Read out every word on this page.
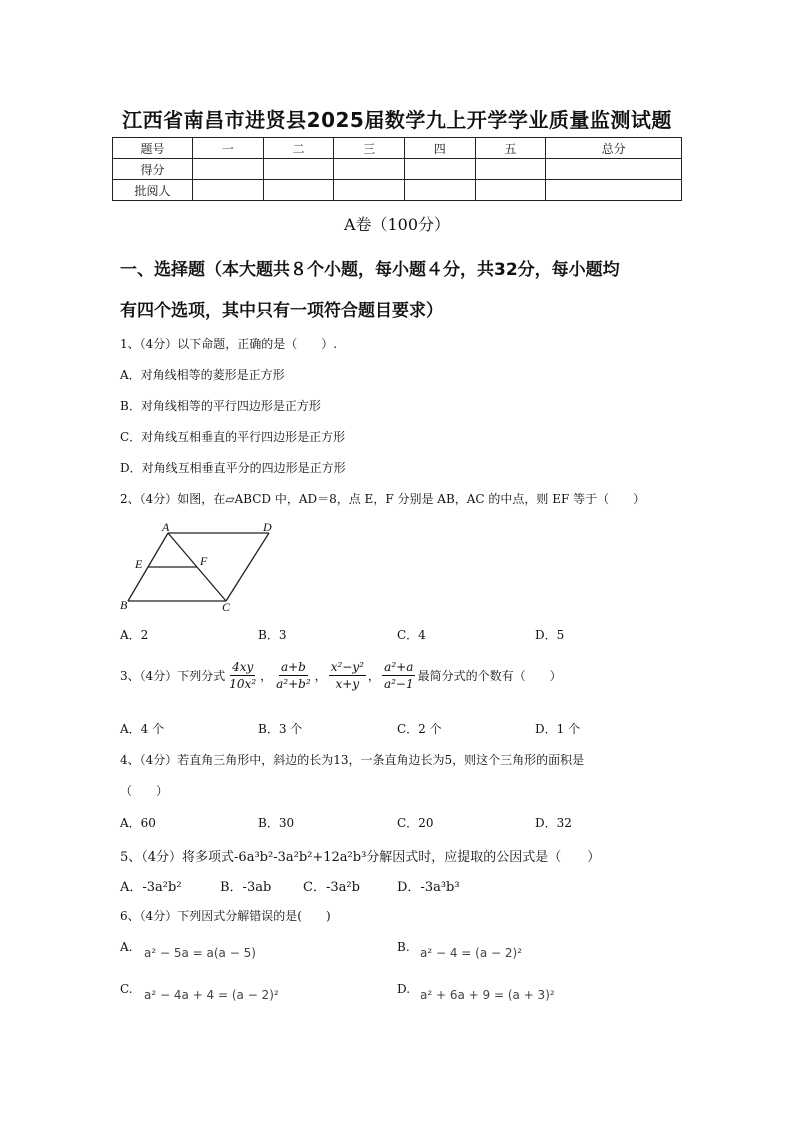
江西省南昌市进贤县2025届数学九上开学学业质量监测试题
题号	一	二	三	四	五	总分
得分						
批阅人						
A卷（100分）
一、选择题（本大题共８个小题，每小题４分，共32分，每小题均
有四个选项，其中只有一项符合题目要求）
1、（4分）以下命题，正确的是（　　）.
A．对角线相等的菱形是正方形
B．对角线相等的平行四边形是正方形
C．对角线互相垂直的平行四边形是正方形
D．对角线互相垂直平分的四边形是正方形
2、（4分）如图，在▱ABCD 中，AD＝8，点 E，F 分别是 AB，AC 的中点，则 EF 等于（　　）
A	D
E	F
B	C
A．2	B．3	C．4	D．5
3、（4分）下列分式 $\frac{4xy}{\text{10x²}}$ ， $\frac{a+b}{\text{a²+b²}}$ ， $\frac{\text{x²−y²}}{x+y}$ ， $\frac{\text{a²+a}}{\text{a²−1}}$ 最简分式的个数有（　　）
A．4 个	B．3 个	C．2 个	D．1 个
4、（4分）若直角三角形中，斜边的长为13，一条直角边长为5，则这个三角形的面积是
（　　）
A．60	B．30	C．20	D．32
5、（4分）将多项式-6a³b²-3a²b²+12a²b³分解因式时，应提取的公因式是（　　）
A．-3a²b²	B．-3ab C．-3a²b	D．-3a³b³
6、（4分）下列因式分解错误的是(　　)
A. a² − 5a = a(a − 5)	B. a² − 4 = (a − 2)²
C. a² − 4a + 4 = (a − 2)²	D. a² + 6a + 9 = (a + 3)²
